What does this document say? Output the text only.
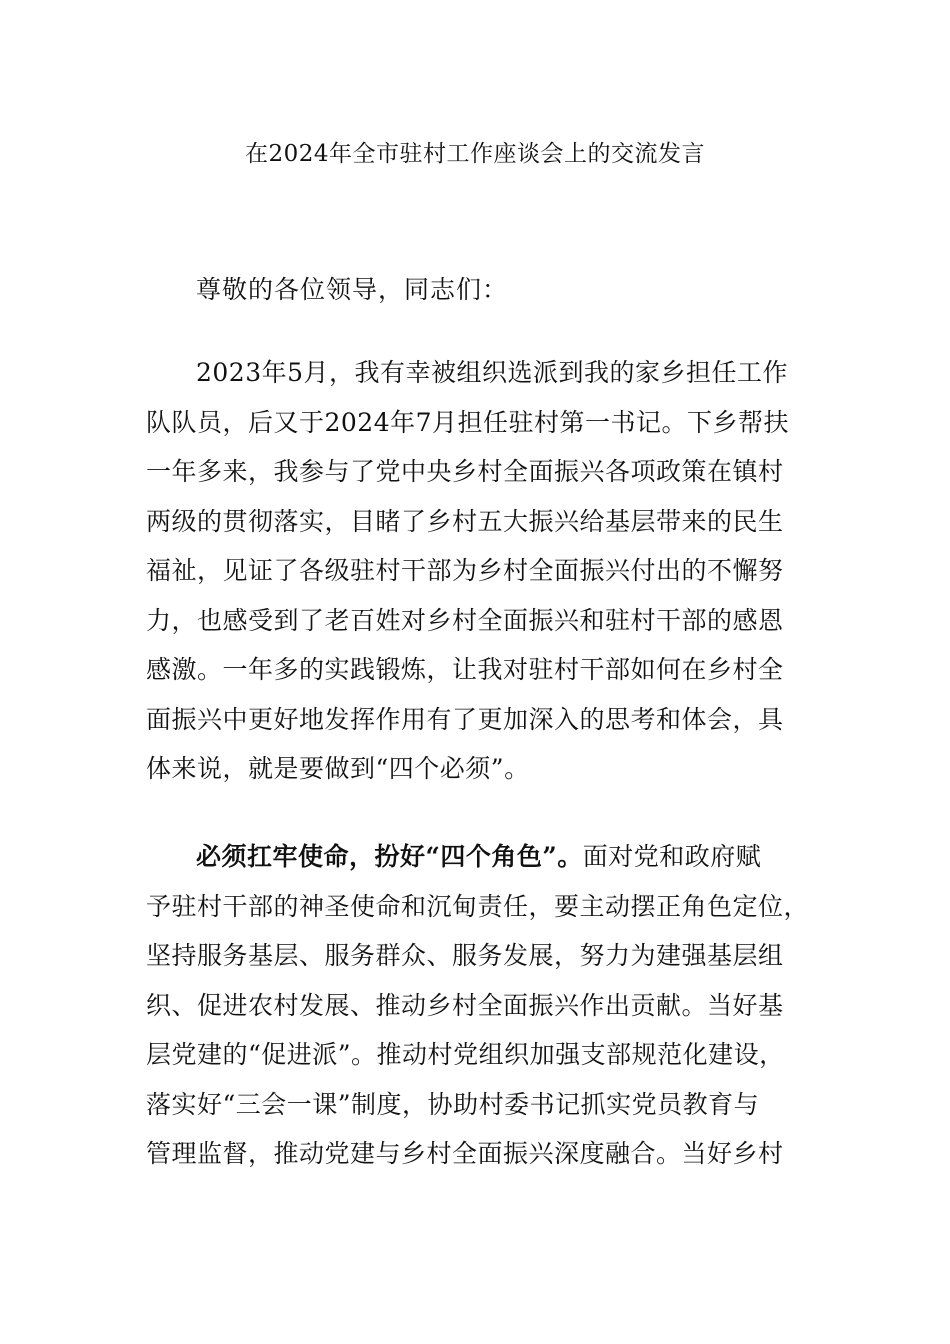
在2024年全市驻村工作座谈会上的交流发言
尊敬的各位领导，同志们：
2023年5月，我有幸被组织选派到我的家乡担任工作
队队员，后又于2024年7月担任驻村第一书记。下乡帮扶
一年多来，我参与了党中央乡村全面振兴各项政策在镇村
两级的贯彻落实，目睹了乡村五大振兴给基层带来的民生
福祉，见证了各级驻村干部为乡村全面振兴付出的不懈努
力，也感受到了老百姓对乡村全面振兴和驻村干部的感恩
感激。一年多的实践锻炼，让我对驻村干部如何在乡村全
面振兴中更好地发挥作用有了更加深入的思考和体会，具
体来说，就是要做到“四个必须”。
必须扛牢使命，扮好“四个角色”。面对党和政府赋
予驻村干部的神圣使命和沉甸责任，要主动摆正角色定位，
坚持服务基层、服务群众、服务发展，努力为建强基层组
织、促进农村发展、推动乡村全面振兴作出贡献。当好基
层党建的“促进派”。推动村党组织加强支部规范化建设，
落实好“三会一课”制度，协助村委书记抓实党员教育与
管理监督，推动党建与乡村全面振兴深度融合。当好乡村
